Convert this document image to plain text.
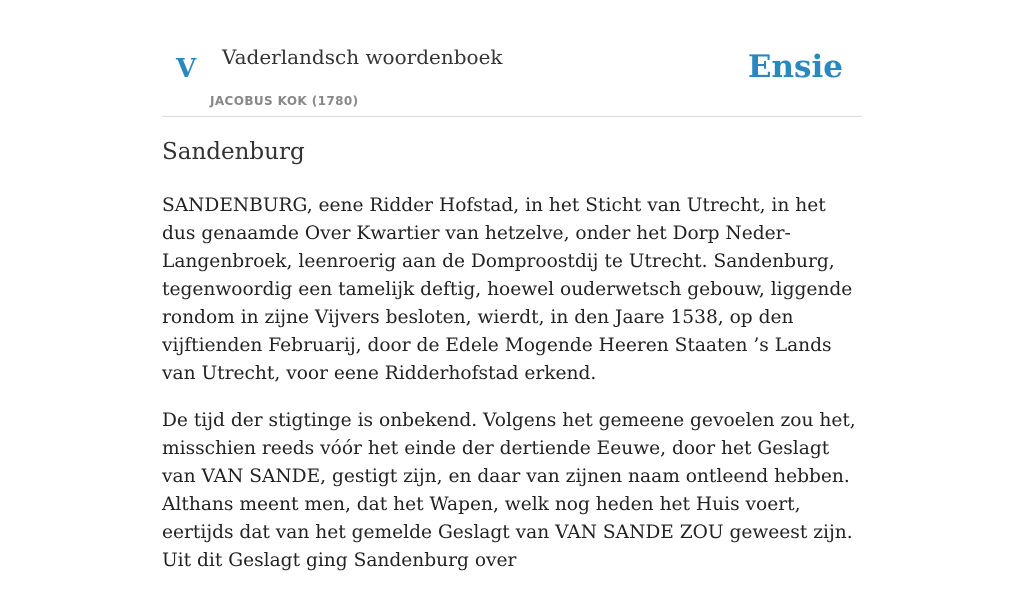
V Vaderlandsch woordenboek
JACOBUS KOK (1780)
Ensie
Sandenburg

SANDENBURG, eene Ridder Hofstad, in het Sticht van Utrecht, in het dus genaamde Over Kwartier van hetzelve, onder het Dorp Neder-Langenbroek, leenroerig aan de Domproostdij te Utrecht. Sandenburg, tegenwoordig een tamelijk deftig, hoewel ouderwetsch gebouw, liggende rondom in zijne Vijvers besloten, wierdt, in den Jaare 1538, op den vijftienden Februarij, door de Edele Mogende Heeren Staaten ’s Lands van Utrecht, voor eene Ridderhofstad erkend.

De tijd der stigtinge is onbekend. Volgens het gemeene gevoelen zou het, misschien reeds vóór het einde der dertiende Eeuwe, door het Geslagt van VAN SANDE, gestigt zijn, en daar van zijnen naam ontleend hebben. Althans meent men, dat het Wapen, welk nog heden het Huis voert, eertijds dat van het gemelde Geslagt van VAN SANDE ZOU geweest zijn. Uit dit Geslagt ging Sandenburg over
